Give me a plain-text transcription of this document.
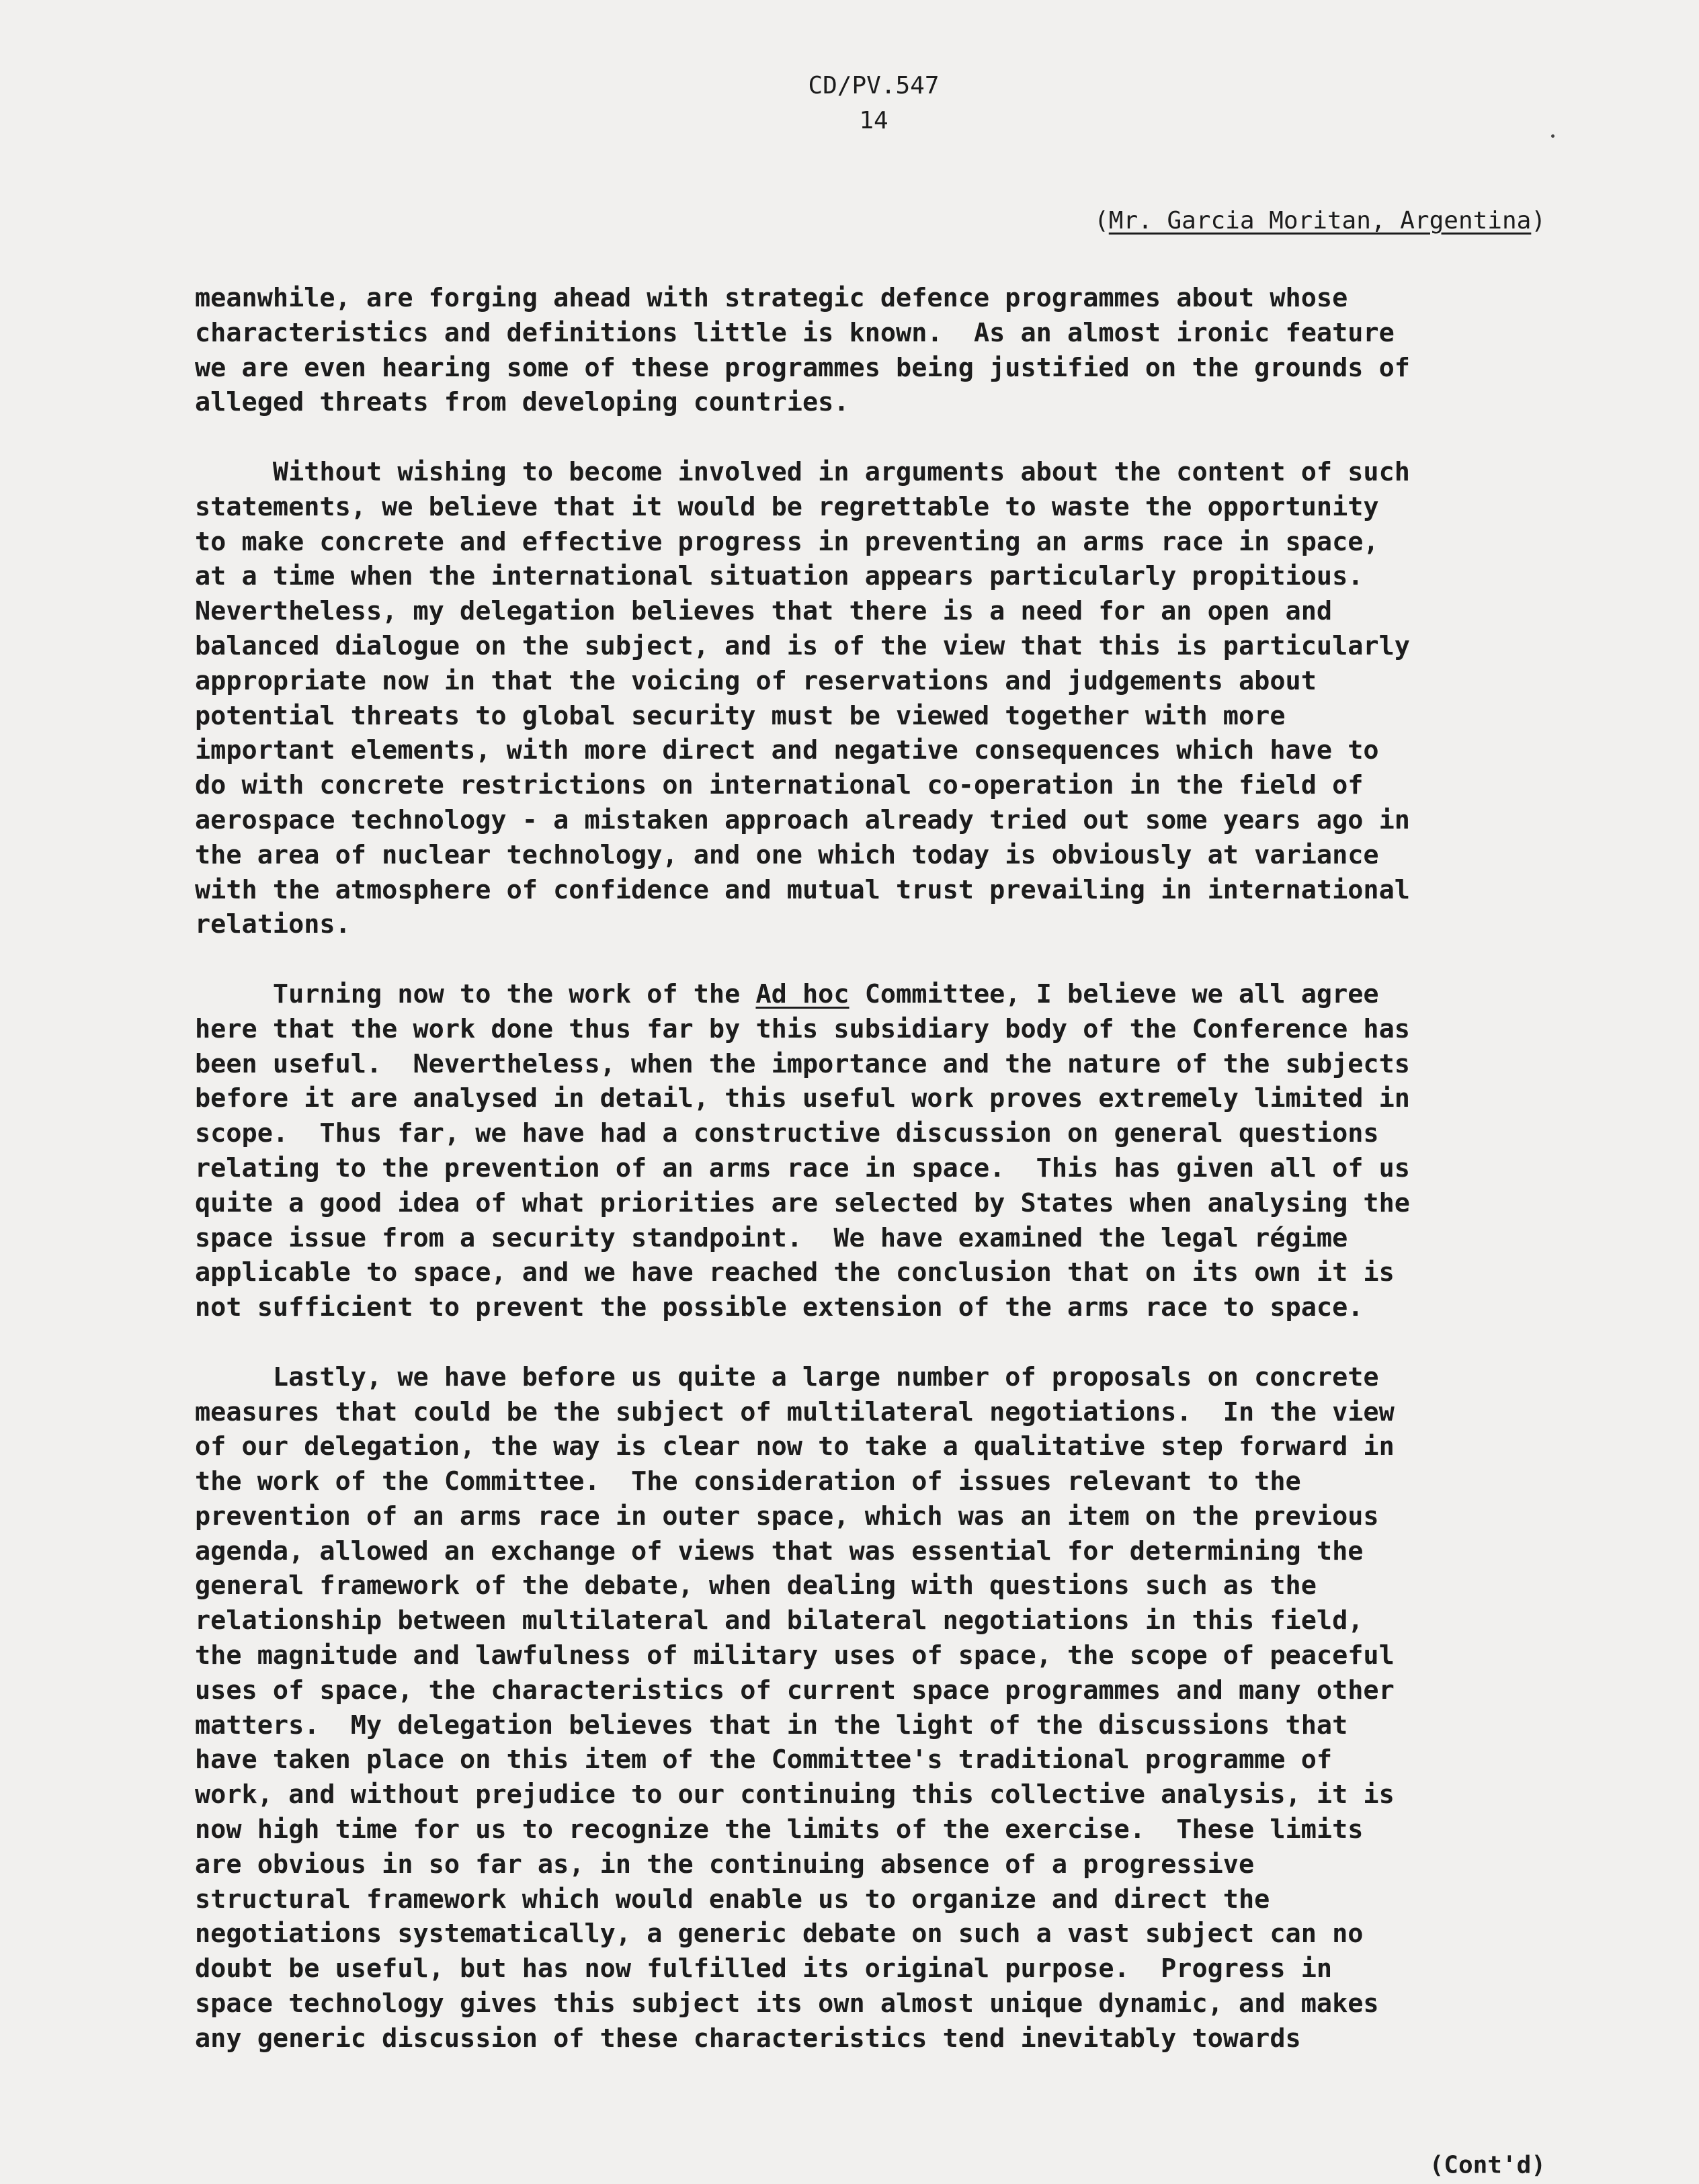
CD/PV.547
14
(Mr. Garcia Moritan, Argentina)
meanwhile, are forging ahead with strategic defence programmes about whose
characteristics and definitions little is known.  As an almost ironic feature
we are even hearing some of these programmes being justified on the grounds of
alleged threats from developing countries.
Without wishing to become involved in arguments about the content of such
statements, we believe that it would be regrettable to waste the opportunity
to make concrete and effective progress in preventing an arms race in space,
at a time when the international situation appears particularly propitious.
Nevertheless, my delegation believes that there is a need for an open and
balanced dialogue on the subject, and is of the view that this is particularly
appropriate now in that the voicing of reservations and judgements about
potential threats to global security must be viewed together with more
important elements, with more direct and negative consequences which have to
do with concrete restrictions on international co-operation in the field of
aerospace technology - a mistaken approach already tried out some years ago in
the area of nuclear technology, and one which today is obviously at variance
with the atmosphere of confidence and mutual trust prevailing in international
relations.
Turning now to the work of the Ad hoc Committee, I believe we all agree
here that the work done thus far by this subsidiary body of the Conference has
been useful.  Nevertheless, when the importance and the nature of the subjects
before it are analysed in detail, this useful work proves extremely limited in
scope.  Thus far, we have had a constructive discussion on general questions
relating to the prevention of an arms race in space.  This has given all of us
quite a good idea of what priorities are selected by States when analysing the
space issue from a security standpoint.  We have examined the legal régime
applicable to space, and we have reached the conclusion that on its own it is
not sufficient to prevent the possible extension of the arms race to space.
Lastly, we have before us quite a large number of proposals on concrete
measures that could be the subject of multilateral negotiations.  In the view
of our delegation, the way is clear now to take a qualitative step forward in
the work of the Committee.  The consideration of issues relevant to the
prevention of an arms race in outer space, which was an item on the previous
agenda, allowed an exchange of views that was essential for determining the
general framework of the debate, when dealing with questions such as the
relationship between multilateral and bilateral negotiations in this field,
the magnitude and lawfulness of military uses of space, the scope of peaceful
uses of space, the characteristics of current space programmes and many other
matters.  My delegation believes that in the light of the discussions that
have taken place on this item of the Committee's traditional programme of
work, and without prejudice to our continuing this collective analysis, it is
now high time for us to recognize the limits of the exercise.  These limits
are obvious in so far as, in the continuing absence of a progressive
structural framework which would enable us to organize and direct the
negotiations systematically, a generic debate on such a vast subject can no
doubt be useful, but has now fulfilled its original purpose.  Progress in
space technology gives this subject its own almost unique dynamic, and makes
any generic discussion of these characteristics tend inevitably towards
(Cont'd)
